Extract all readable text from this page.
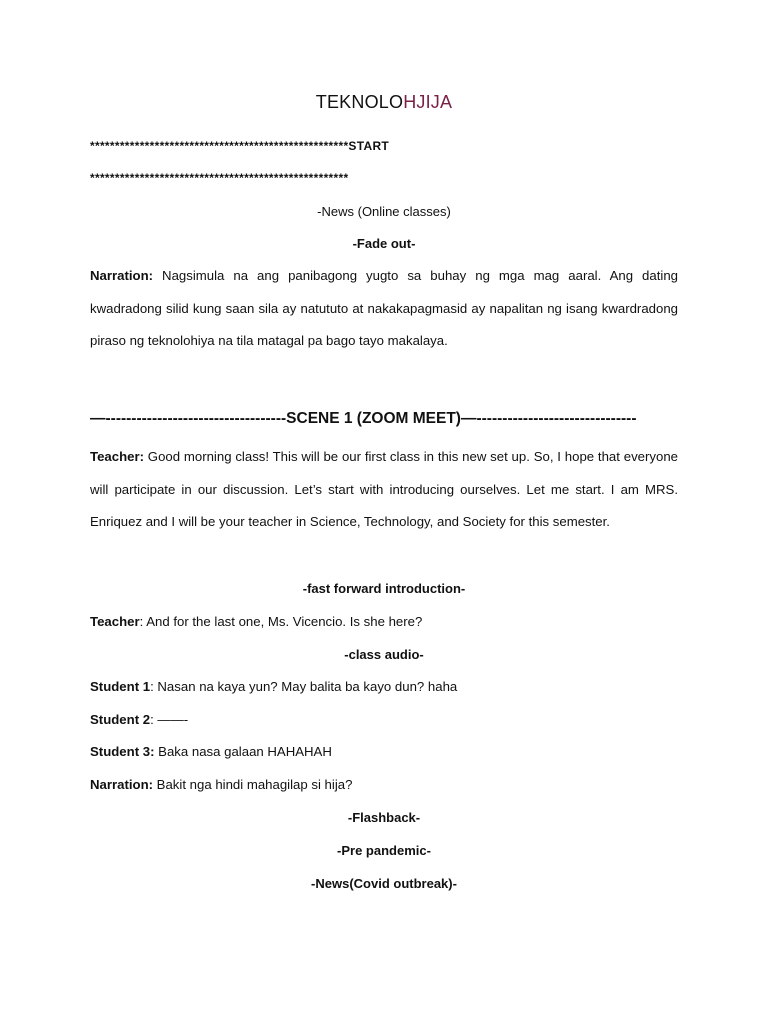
TEKNOLOHJIJA
****************************************************START
****************************************************
-News (Online classes)
-Fade out-
Narration: Nagsimula na ang panibagong yugto sa buhay ng mga mag aaral. Ang dating kwadradong silid kung saan sila ay natututo at nakakapagmasid ay napalitan ng isang kwardradong piraso ng teknolohiya na tila matagal pa bago tayo makalaya.
—-----------------------------------SCENE 1 (ZOOM MEET)—-------------------------------
Teacher: Good morning class! This will be our first class in this new set up. So, I hope that everyone will participate in our discussion. Let’s start with introducing ourselves. Let me start. I am MRS. Enriquez and I will be your teacher in Science, Technology, and Society for this semester.
-fast forward introduction-
Teacher: And for the last one, Ms. Vicencio. Is she here?
-class audio-
Student 1: Nasan na kaya yun? May balita ba kayo dun? haha
Student 2: ——-
Student 3: Baka nasa galaan HAHAHAH
Narration: Bakit nga hindi mahagilap si hija?
-Flashback-
-Pre pandemic-
-News(Covid outbreak)-
